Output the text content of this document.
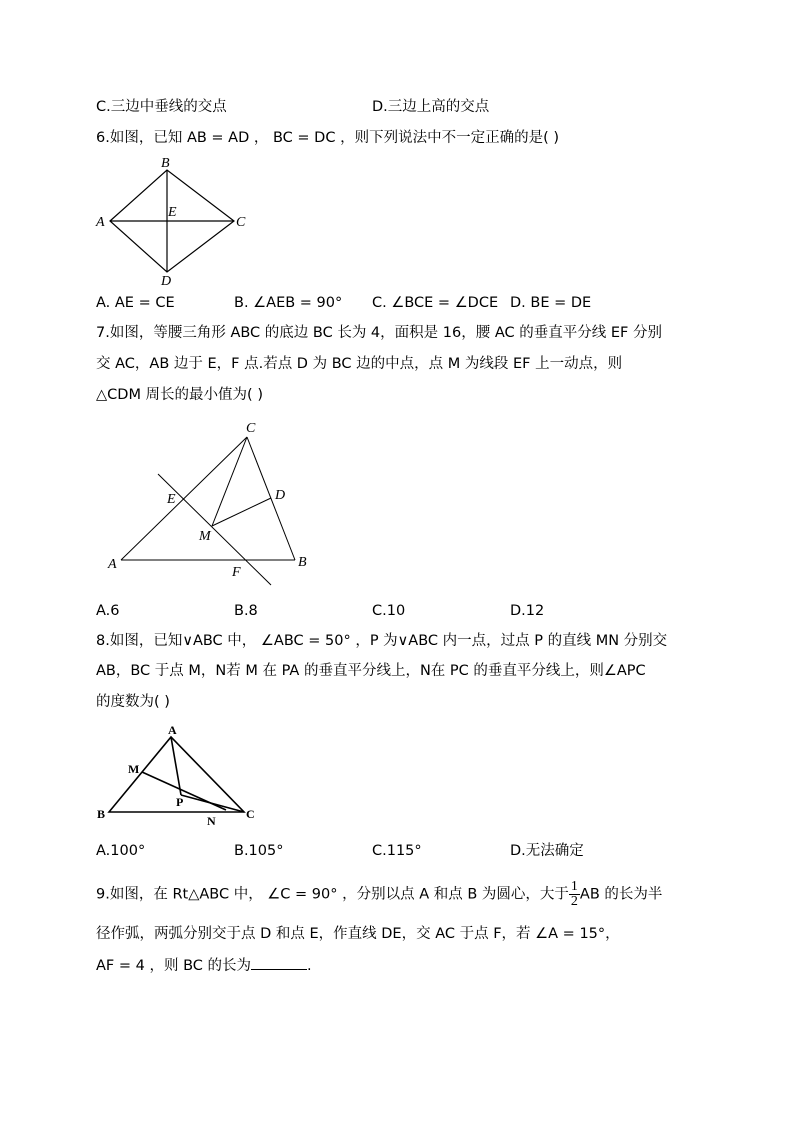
C.三边中垂线的交点	D.三边上高的交点
6.如图，已知 AB = AD ， BC = DC ，则下列说法中不一定正确的是( )
B
A	C
D
E
A. AE = CE	B. ∠AEB = 90° C. ∠BCE = ∠DCE D. BE = DE
7.如图，等腰三角形 ABC 的底边 BC 长为 4，面积是 16，腰 AC 的垂直平分线 EF 分别
交 AC，AB 边于 E，F 点.若点 D 为 BC 边的中点，点 M 为线段 EF 上一动点，则
△CDM 周长的最小值为( )
C
A	B
E	D
M
F
A.6	B.8	C.10	D.12
8.如图，已知∨ABC 中， ∠ABC = 50° ，P 为∨ABC 内一点，过点 P 的直线 MN 分别交
AB，BC 于点 M，N若 M 在 PA 的垂直平分线上，N在 PC 的垂直平分线上，则∠APC
的度数为( )
A
B	C
M
P
N
A.100°	B.105°	C.115°	D.无法确定
9.如图，在 Rt△ABC 中， ∠C = 90° ，分别以点 A 和点 B 为圆心，大于 $\frac{1}{2}$ AB 的长为半
径作弧，两弧分别交于点 D 和点 E，作直线 DE，交 AC 于点 F，若 ∠A = 15°，
AF = 4 ，则 BC 的长为	.
